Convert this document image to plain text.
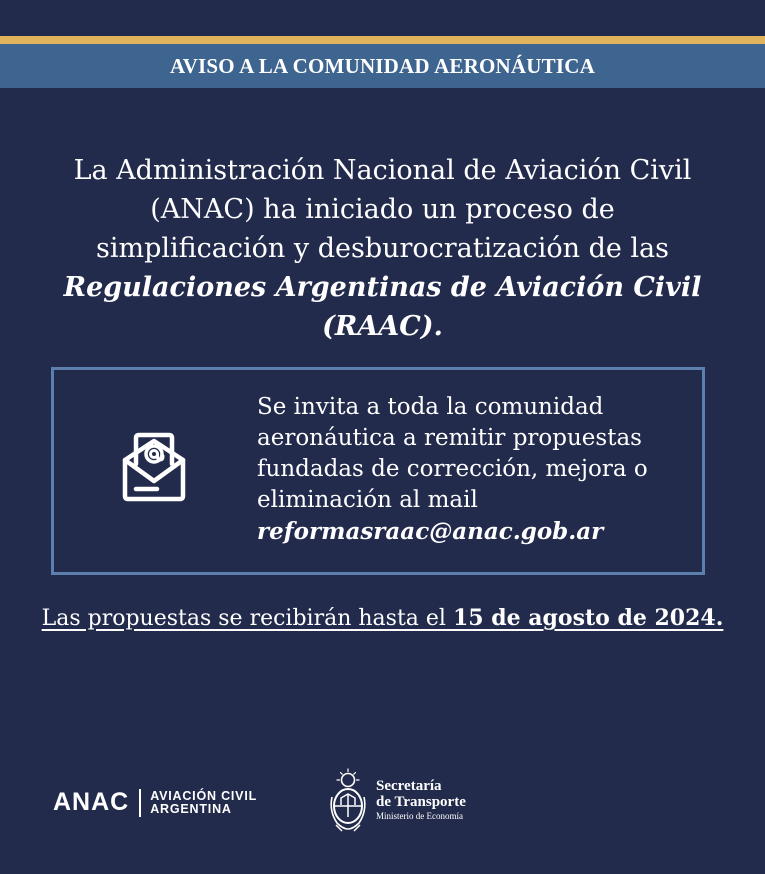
AVISO A LA COMUNIDAD AERONÁUTICA
La Administración Nacional de Aviación Civil
(ANAC) ha iniciado un proceso de
simplificación y desburocratización de las
Regulaciones Argentinas de Aviación Civil
(RAAC).
Se invita a toda la comunidad
aeronáutica a remitir propuestas
fundadas de corrección, mejora o
eliminación al mail
reformasraac@anac.gob.ar
Las propuestas se recibirán hasta el 15 de agosto de 2024.
ANAC AVIACIÓN CIVIL
ARGENTINA
Secretaría
de Transporte
Ministerio de Economía
